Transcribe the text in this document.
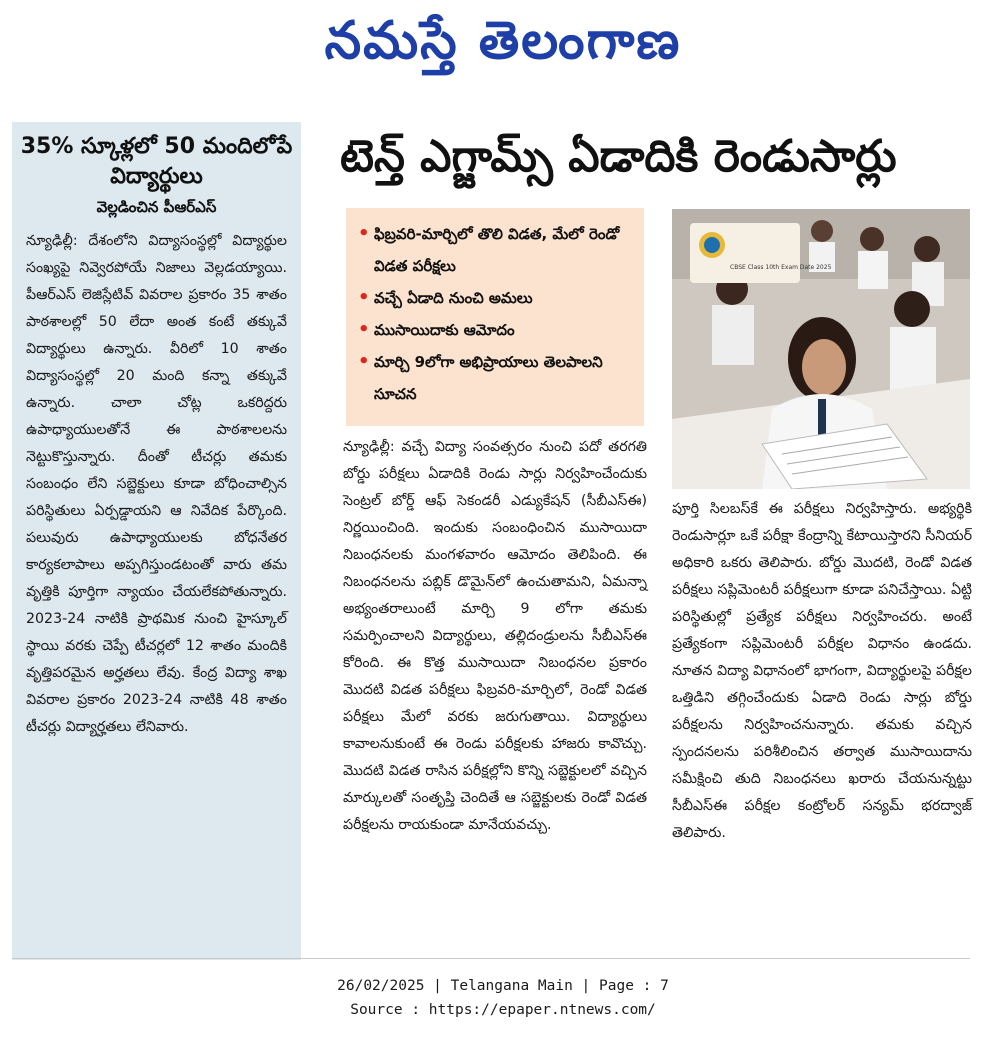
నమస్తే తెలంగాణ
35% స్కూళ్లలో 50 మందిలోపే విద్యార్థులు
వెల్లడించిన పీఆర్‌ఎస్
న్యూఢిల్లీ: దేశంలోని విద్యాసంస్థల్లో విద్యార్థుల సంఖ్యపై నివ్వెరపోయే నిజాలు వెల్లడయ్యాయి. పీఆర్‌ఎస్ లెజిస్లేటివ్ వివరాల ప్రకారం 35 శాతం పాఠశాలల్లో 50 లేదా అంత కంటే తక్కువే విద్యార్థులు ఉన్నారు. వీరిలో 10 శాతం విద్యాసంస్థల్లో 20 మంది కన్నా తక్కువే ఉన్నారు. చాలా చోట్ల ఒకరిద్దరు ఉపాధ్యాయులతోనే ఈ పాఠశాలలను నెట్టుకొస్తున్నారు. దీంతో టీచర్లు తమకు సంబంధం లేని సబ్జెక్టులు కూడా బోధించాల్సిన పరిస్థితులు ఏర్పడ్డాయని ఆ నివేదిక పేర్కొంది. పలువురు ఉపాధ్యాయులకు బోధనేతర కార్యకలాపాలు అప్పగిస్తుండటంతో వారు తమ వృత్తికి పూర్తిగా న్యాయం చేయలేకపోతున్నారు. 2023-24 నాటికి ప్రాథమిక నుంచి హైస్కూల్ స్థాయి వరకు చెప్పే టీచర్లలో 12 శాతం మందికి వృత్తిపరమైన అర్హతలు లేవు. కేంద్ర విద్యా శాఖ వివరాల ప్రకారం 2023-24 నాటికి 48 శాతం టీచర్లు విద్యార్హతలు లేనివారు.
టెన్త్ ఎగ్జామ్స్ ఏడాదికి రెండుసార్లు
• ఫిబ్రవరి-మార్చిలో తొలి విడత, మేలో రెండో విడత పరీక్షలు
• వచ్చే ఏడాది నుంచి అమలు
• ముసాయిదాకు ఆమోదం
• మార్చి 9లోగా అభిప్రాయాలు తెలపాలని సూచన
CBSE Class 10th Exam Date 2025
న్యూఢిల్లీ: వచ్చే విద్యా సంవత్సరం నుంచి పదో తరగతి బోర్డు పరీక్షలు ఏడాదికి రెండు సార్లు నిర్వహించేందుకు సెంట్రల్ బోర్డ్ ఆఫ్ సెకండరీ ఎడ్యుకేషన్ (సీబీఎస్‌ఈ) నిర్ణయించింది. ఇందుకు సంబంధించిన ముసాయిదా నిబంధనలకు మంగళవారం ఆమోదం తెలిపింది. ఈ నిబంధనలను పబ్లిక్ డొమైన్‌లో ఉంచుతామని, ఏమన్నా అభ్యంతరాలుంటే మార్చి 9 లోగా తమకు సమర్పించాలని విద్యార్థులు, తల్లిదండ్రులను సీబీఎస్‌ఈ కోరింది. ఈ కొత్త ముసాయిదా నిబంధనల ప్రకారం మొదటి విడత పరీక్షలు ఫిబ్రవరి-మార్చిలో, రెండో విడత పరీక్షలు మేలో వరకు జరుగుతాయి. విద్యార్థులు కావాలనుకుంటే ఈ రెండు పరీక్షలకు హాజరు కావొచ్చు. మొదటి విడత రాసిన పరీక్షల్లోని కొన్ని సబ్జెక్టులలో వచ్చిన మార్కులతో సంతృప్తి చెందితే ఆ సబ్జెక్టులకు రెండో విడత పరీక్షలను రాయకుండా మానేయవచ్చు.
పూర్తి సిలబస్‌కే ఈ పరీక్షలు నిర్వహిస్తారు. అభ్యర్థికి రెండుసార్లూ ఒకే పరీక్షా కేంద్రాన్ని కేటాయిస్తారని సీనియర్ అధికారి ఒకరు తెలిపారు. బోర్డు మొదటి, రెండో విడత పరీక్షలు సప్లిమెంటరీ పరీక్షలుగా కూడా పనిచేస్తాయి. ఏట్టి పరిస్థితుల్లో ప్రత్యేక పరీక్షలు నిర్వహించరు. అంటే ప్రత్యేకంగా సప్లిమెంటరీ పరీక్షల విధానం ఉండదు. నూతన విద్యా విధానంలో భాగంగా, విద్యార్థులపై పరీక్షల ఒత్తిడిని తగ్గించేందుకు ఏడాది రెండు సార్లు బోర్డు పరీక్షలను నిర్వహించనున్నారు. తమకు వచ్చిన స్పందనలను పరిశీలించిన తర్వాత ముసాయిదాను సమీక్షించి తుది నిబంధనలు ఖరారు చేయనున్నట్టు సీబీఎస్‌ఈ పరీక్షల కంట్రోలర్ సన్యమ్ భరద్వాజ్ తెలిపారు.
26/02/2025 | Telangana Main | Page : 7
Source : https://epaper.ntnews.com/
